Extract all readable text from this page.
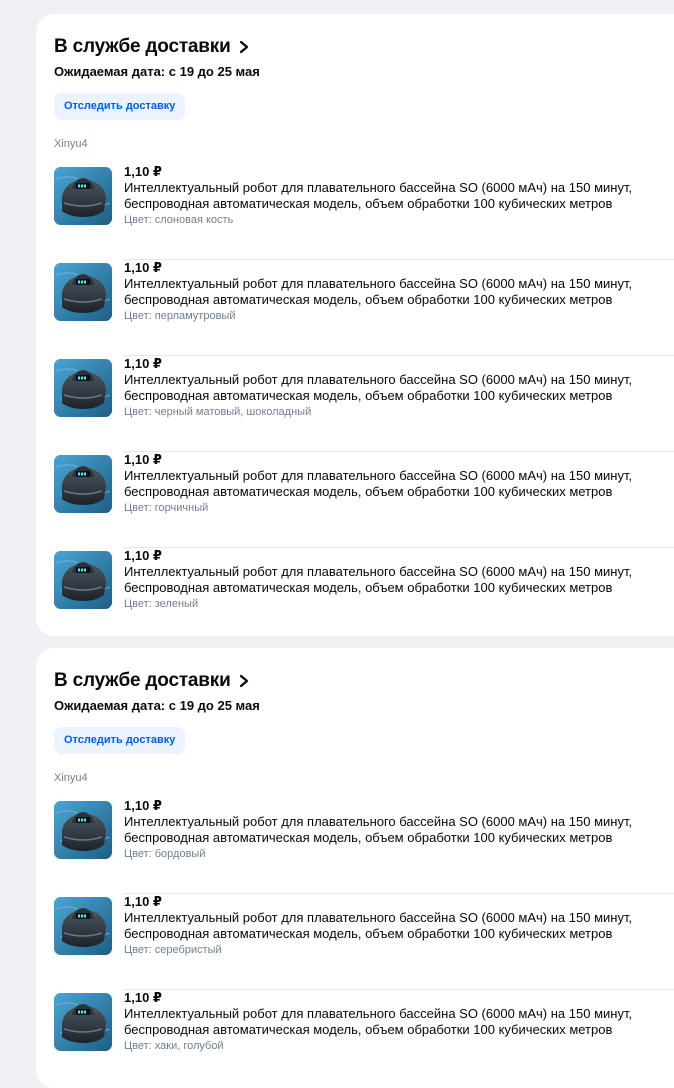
В службе доставки
Ожидаемая дата: с 19 до 25 мая
Отследить доставку
Xinyu4
1,10 ₽
Интеллектуальный робот для плавательного бассейна SO (6000 мАч) на 150 минут, беспроводная автоматическая модель, объем обработки 100 кубических метров
Цвет: слоновая кость
1,10 ₽
Интеллектуальный робот для плавательного бассейна SO (6000 мАч) на 150 минут, беспроводная автоматическая модель, объем обработки 100 кубических метров
Цвет: перламутровый
1,10 ₽
Интеллектуальный робот для плавательного бассейна SO (6000 мАч) на 150 минут, беспроводная автоматическая модель, объем обработки 100 кубических метров
Цвет: черный матовый, шоколадный
1,10 ₽
Интеллектуальный робот для плавательного бассейна SO (6000 мАч) на 150 минут, беспроводная автоматическая модель, объем обработки 100 кубических метров
Цвет: горчичный
1,10 ₽
Интеллектуальный робот для плавательного бассейна SO (6000 мАч) на 150 минут, беспроводная автоматическая модель, объем обработки 100 кубических метров
Цвет: зеленый
В службе доставки
Ожидаемая дата: с 19 до 25 мая
Отследить доставку
Xinyu4
1,10 ₽
Интеллектуальный робот для плавательного бассейна SO (6000 мАч) на 150 минут, беспроводная автоматическая модель, объем обработки 100 кубических метров
Цвет: бордовый
1,10 ₽
Интеллектуальный робот для плавательного бассейна SO (6000 мАч) на 150 минут, беспроводная автоматическая модель, объем обработки 100 кубических метров
Цвет: серебристый
1,10 ₽
Интеллектуальный робот для плавательного бассейна SO (6000 мАч) на 150 минут, беспроводная автоматическая модель, объем обработки 100 кубических метров
Цвет: хаки, голубой
